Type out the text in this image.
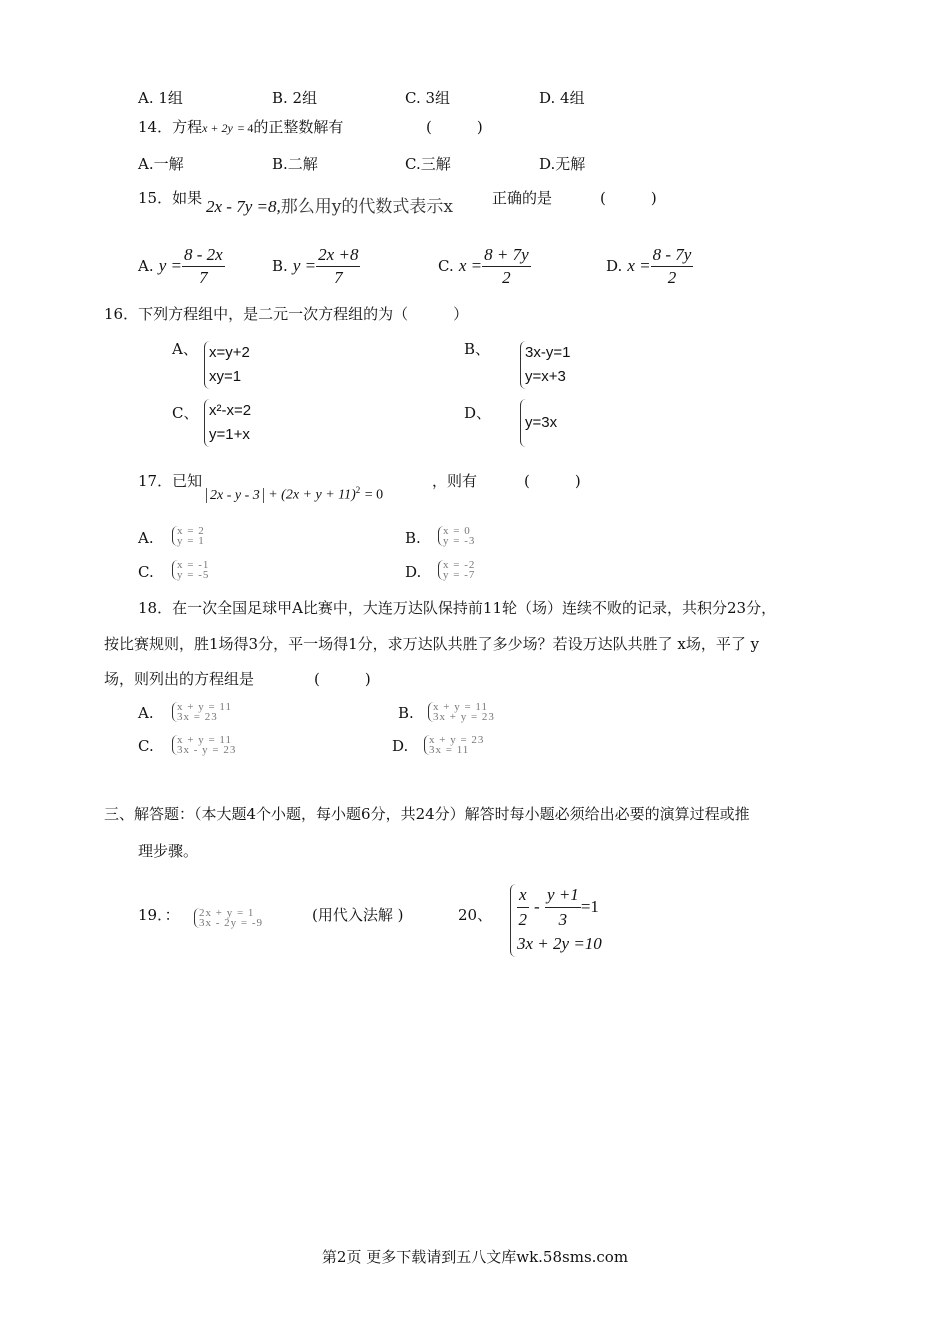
A. 1组	B. 2组	C. 3组	D. 4组
14．方程x + 2y = 4的正整数解有	(　　　)
A.一解	B.二解	C.三解	D.无解
15．如果 2x - 7y =8,那么用y的代数式表示x	正确的是	(　　　)
A. $y = \frac{8 - 2x}{7}$	B. $y = \frac{2x +8}{7}$	C. $x = \frac{8 + 7y}{2}$	D. $x = \frac{8 - 7y}{2}$
16．下列方程组中，是二元一次方程组的为（　　　）
A、 x=y+2
xy=1
B、 3x-y=1
y=x+3
C、 x²-x=2
y=1+x
D、
y=3x
17．已知
$2x - y - 3 + (2x + y + 11)^2 = 0$
，则有	(　　　)
A. x = 2
y = 1	B. x = 0
y = -3
C. x = -1
y = -5	D. x = -2
y = -7
18．在一次全国足球甲A比赛中，大连万达队保持前11轮（场）连续不败的记录，共积分23分，
按比赛规则，胜1场得3分，平一场得1分，求万达队共胜了多少场？若设万达队共胜了 x场，平了 y
场，则列出的方程组是	(　　　)
A. x + y = 11
3x = 23	B. x + y = 11
3x + y = 23
C. x + y = 11
3x - y = 23	D. x + y = 23
3x = 11
三、解答题：（本大题4个小题，每小题6分，共24分）解答时每小题必须给出必要的演算过程或推
理步骤。
19．： 2x + y = 1
3x - 2y = -9	(用代入法解 )	20、 $\frac{x}{2} - \frac{y +1}{3} =1$
3x + 2y =10
第2页 更多下载请到五八文库wk.58sms.com
